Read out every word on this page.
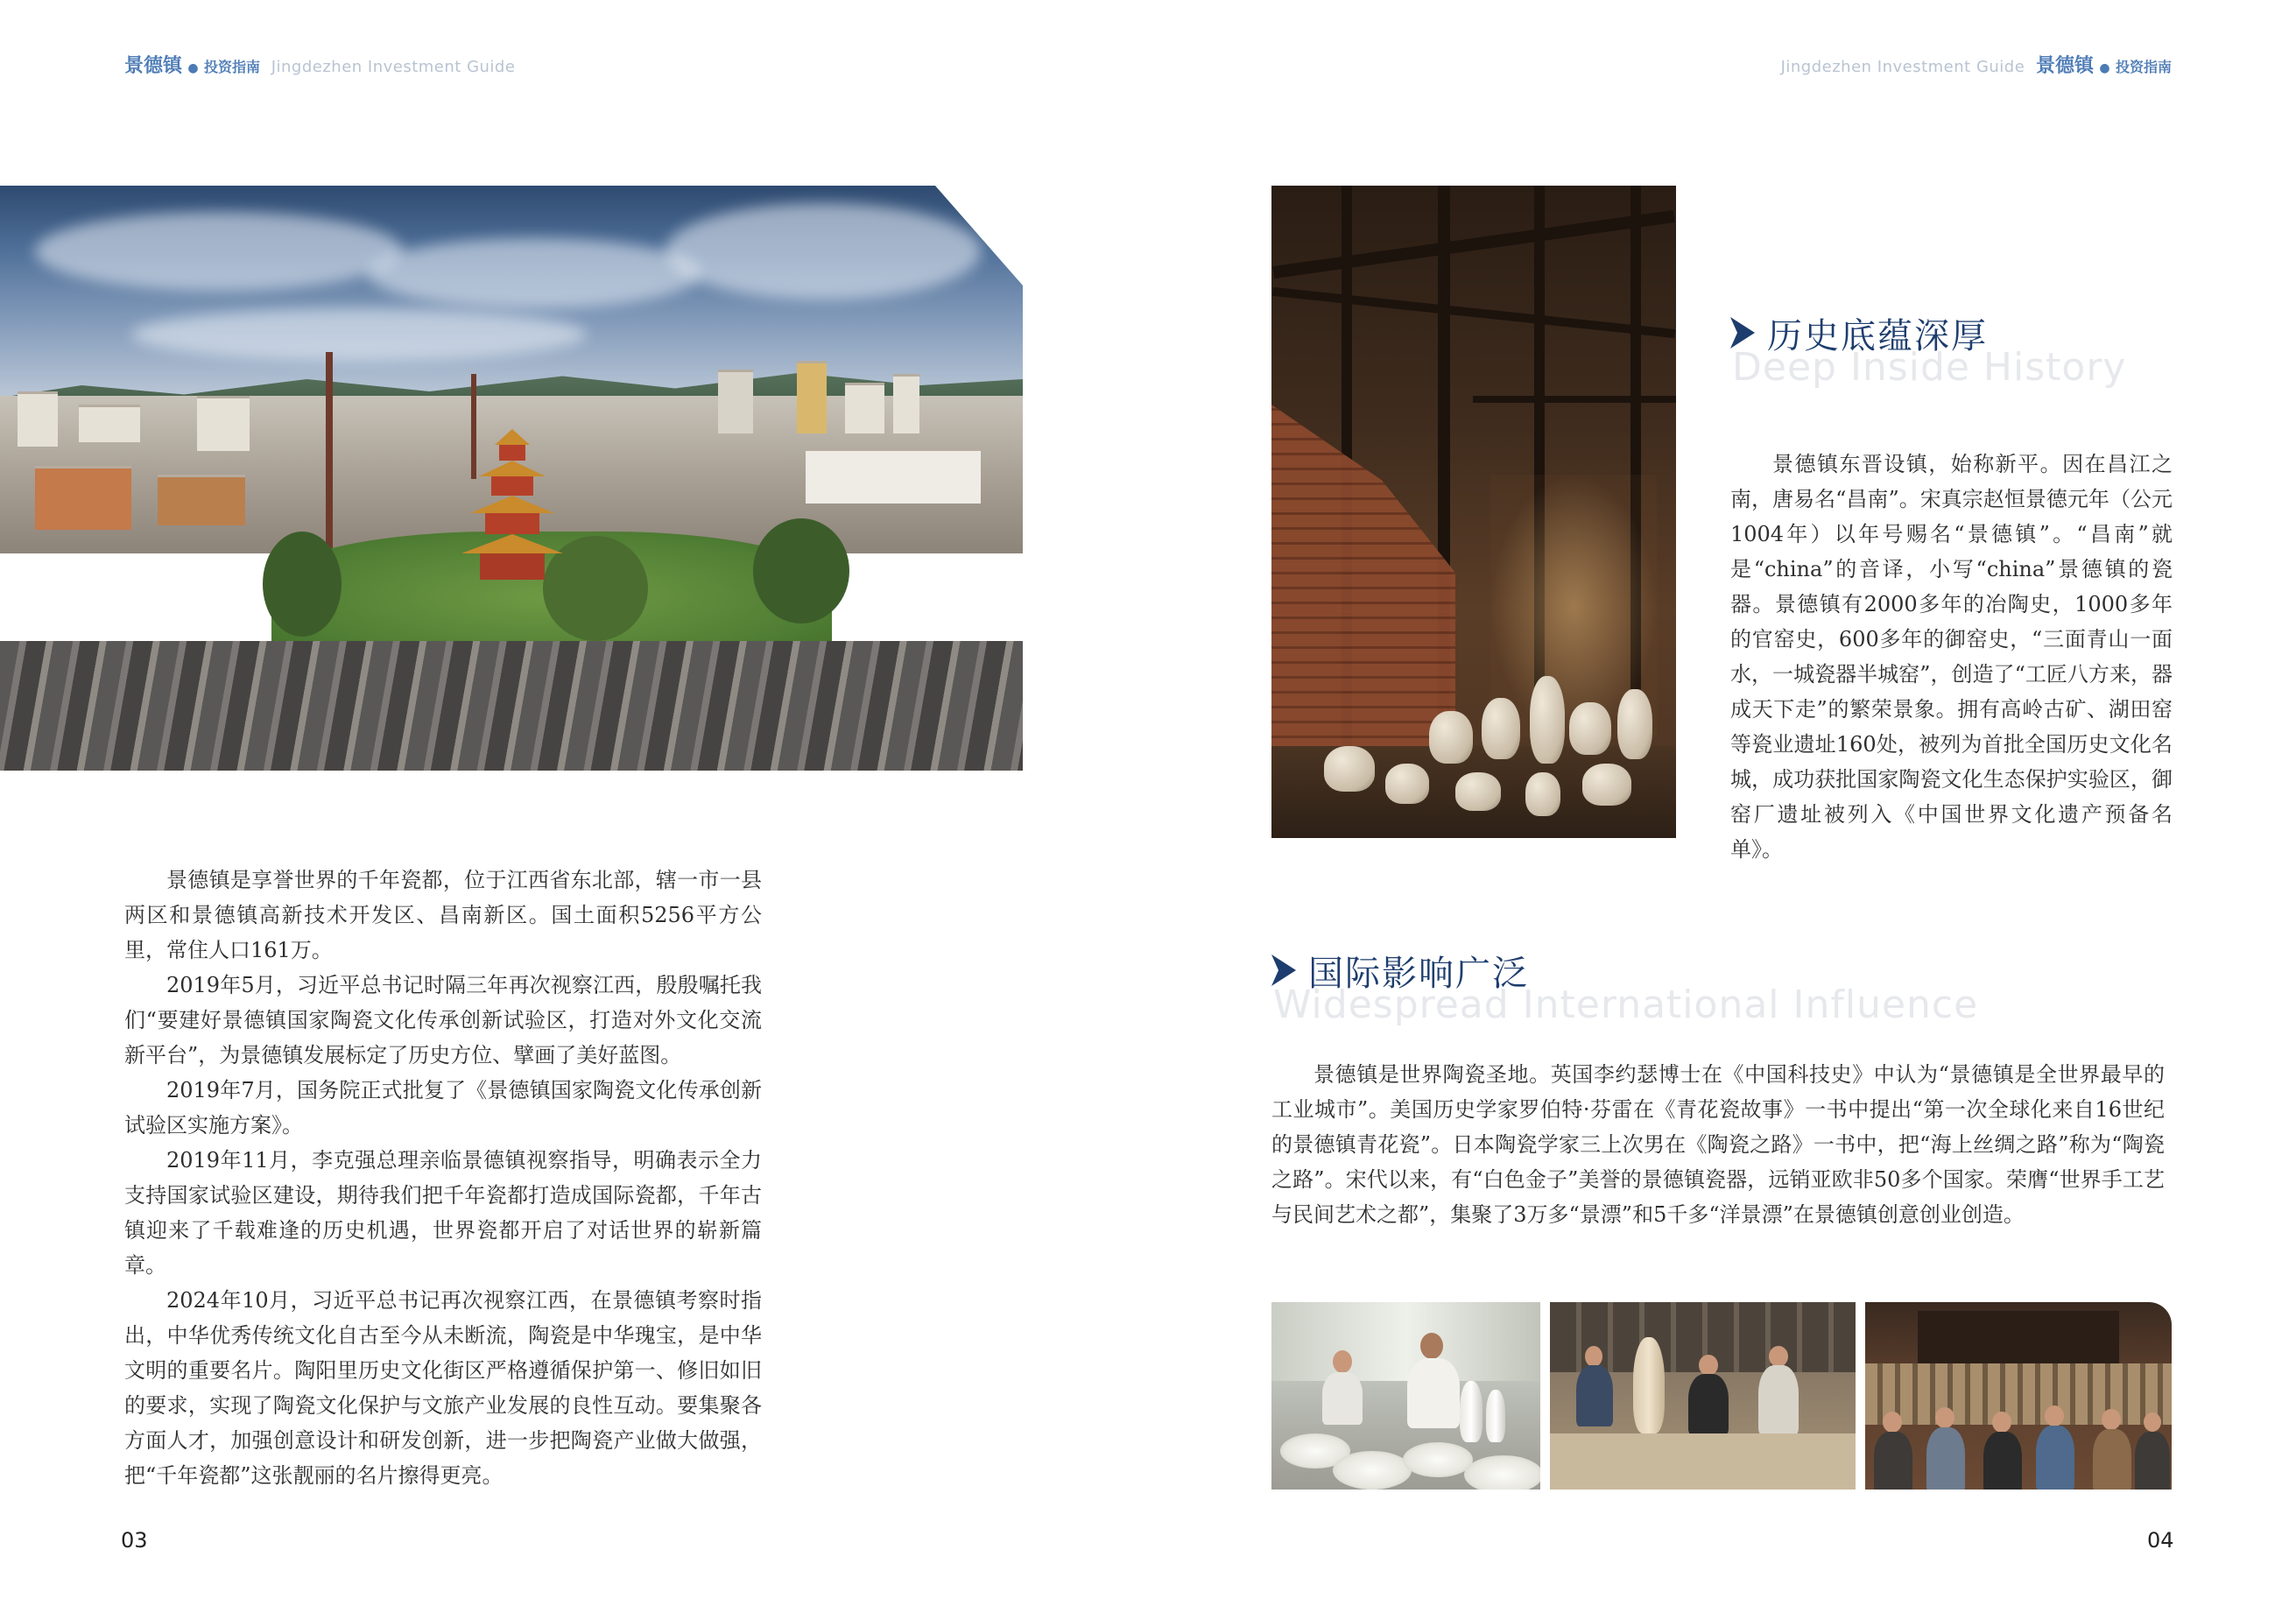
景德镇 ● 投资指南 Jingdezhen Investment Guide	Jingdezhen Investment Guide 景德镇 ● 投资指南

景德镇是享誉世界的千年瓷都，位于江西省东北部，辖一市一县两区和景德镇高新技术开发区、昌南新区。国土面积5256平方公里，常住人口161万。

2019年5月，习近平总书记时隔三年再次视察江西，殷殷嘱托我们“要建好景德镇国家陶瓷文化传承创新试验区，打造对外文化交流新平台”，为景德镇发展标定了历史方位、擘画了美好蓝图。

2019年7月，国务院正式批复了《景德镇国家陶瓷文化传承创新试验区实施方案》。

2019年11月，李克强总理亲临景德镇视察指导，明确表示全力支持国家试验区建设，期待我们把千年瓷都打造成国际瓷都，千年古镇迎来了千载难逢的历史机遇，世界瓷都开启了对话世界的崭新篇章。

2024年10月，习近平总书记再次视察江西，在景德镇考察时指出，中华优秀传统文化自古至今从未断流，陶瓷是中华瑰宝，是中华文明的重要名片。陶阳里历史文化街区严格遵循保护第一、修旧如旧的要求，实现了陶瓷文化保护与文旅产业发展的良性互动。要集聚各方面人才，加强创意设计和研发创新，进一步把陶瓷产业做大做强，把“千年瓷都”这张靓丽的名片擦得更亮。

Deep Inside History
历史底蕴深厚

景德镇东晋设镇，始称新平。因在昌江之南，唐易名“昌南”。宋真宗赵恒景德元年（公元1004年）以年号赐名“景德镇”。“昌南”就是“china”的音译，小写“china”景德镇的瓷器。景德镇有2000多年的冶陶史，1000多年的官窑史，600多年的御窑史，“三面青山一面水，一城瓷器半城窑”，创造了“工匠八方来，器成天下走”的繁荣景象。拥有高岭古矿、湖田窑等瓷业遗址160处，被列为首批全国历史文化名城，成功获批国家陶瓷文化生态保护实验区，御窑厂遗址被列入《中国世界文化遗产预备名单》。

Widespread International Influence
国际影响广泛

景德镇是世界陶瓷圣地。英国李约瑟博士在《中国科技史》中认为“景德镇是全世界最早的工业城市”。美国历史学家罗伯特·芬雷在《青花瓷故事》一书中提出“第一次全球化来自16世纪的景德镇青花瓷”。日本陶瓷学家三上次男在《陶瓷之路》一书中，把“海上丝绸之路”称为“陶瓷之路”。宋代以来，有“白色金子”美誉的景德镇瓷器，远销亚欧非50多个国家。荣膺“世界手工艺与民间艺术之都”，集聚了3万多“景漂”和5千多“洋景漂”在景德镇创意创业创造。

03	04
